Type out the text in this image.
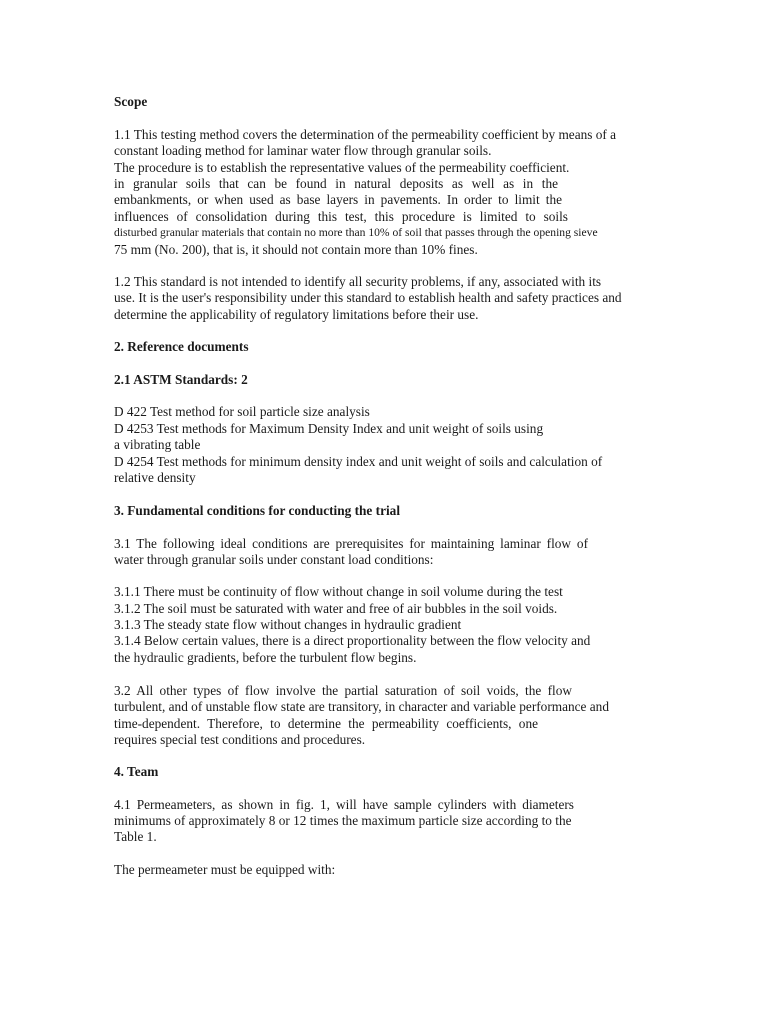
Scope
1.1 This testing method covers the determination of the permeability coefficient by means of a
constant loading method for laminar water flow through granular soils.
The procedure is to establish the representative values of the permeability coefficient.
in granular soils that can be found in natural deposits as well as in the
embankments, or when used as base layers in pavements. In order to limit the
influences of consolidation during this test, this procedure is limited to soils
disturbed granular materials that contain no more than 10% of soil that passes through the opening sieve
75 mm (No. 200), that is, it should not contain more than 10% fines.
1.2 This standard is not intended to identify all security problems, if any, associated with its
use. It is the user's responsibility under this standard to establish health and safety practices and
determine the applicability of regulatory limitations before their use.
2. Reference documents
2.1 ASTM Standards: 2
D 422 Test method for soil particle size analysis
D 4253 Test methods for Maximum Density Index and unit weight of soils using
a vibrating table
D 4254 Test methods for minimum density index and unit weight of soils and calculation of
relative density
3. Fundamental conditions for conducting the trial
3.1 The following ideal conditions are prerequisites for maintaining laminar flow of
water through granular soils under constant load conditions:
3.1.1 There must be continuity of flow without change in soil volume during the test
3.1.2 The soil must be saturated with water and free of air bubbles in the soil voids.
3.1.3 The steady state flow without changes in hydraulic gradient
3.1.4 Below certain values, there is a direct proportionality between the flow velocity and
the hydraulic gradients, before the turbulent flow begins.
3.2 All other types of flow involve the partial saturation of soil voids, the flow
turbulent, and of unstable flow state are transitory, in character and variable performance and
time-dependent. Therefore, to determine the permeability coefficients, one
requires special test conditions and procedures.
4. Team
4.1 Permeameters, as shown in fig. 1, will have sample cylinders with diameters
minimums of approximately 8 or 12 times the maximum particle size according to the
Table 1.
The permeameter must be equipped with:
